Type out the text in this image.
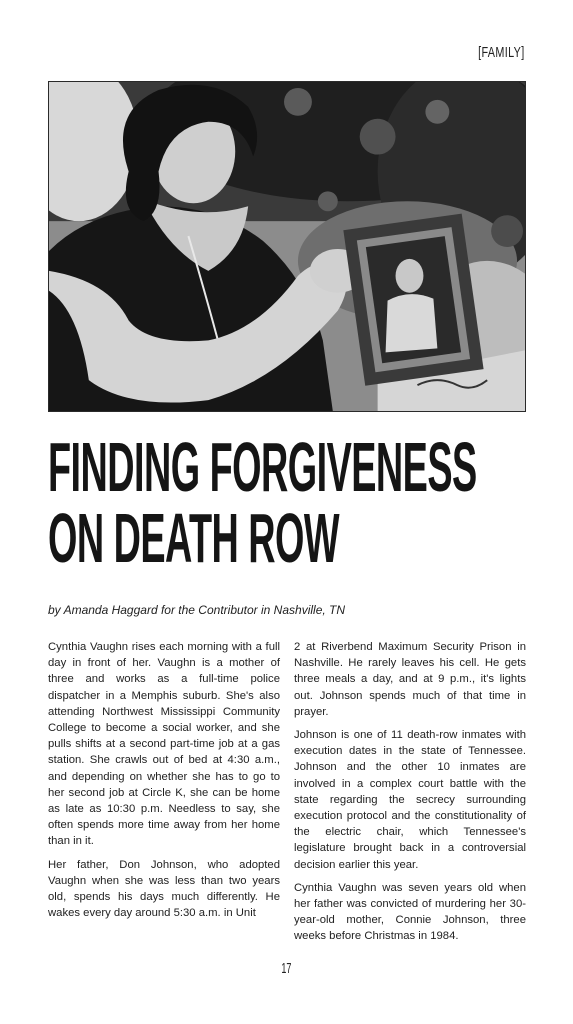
[FAMILY]
FINDING FORGIVENESS
ON DEATH ROW
by Amanda Haggard for the Contributor in Nashville, TN

Cynthia Vaughn rises each morning with a full day in front of her. Vaughn is a mother of three and works as a full-time police dispatcher in a Memphis suburb. She's also attending Northwest Mississippi Community College to become a social worker, and she pulls shifts at a second part-time job at a gas station. She crawls out of bed at 4:30 a.m., and depending on whether she has to go to her second job at Circle K, she can be home as late as 10:30 p.m. Needless to say, she often spends more time away from her home than in it.

Her father, Don Johnson, who adopted Vaughn when she was less than two years old, spends his days much differently. He wakes every day around 5:30 a.m. in Unit

2 at Riverbend Maximum Security Prison in Nashville. He rarely leaves his cell. He gets three meals a day, and at 9 p.m., it's lights out. Johnson spends much of that time in prayer.

Johnson is one of 11 death-row inmates with execution dates in the state of Tennessee. Johnson and the other 10 inmates are involved in a complex court battle with the state regarding the secrecy surrounding execution protocol and the constitutionality of the electric chair, which Tennessee's legislature brought back in a controversial decision earlier this year.

Cynthia Vaughn was seven years old when her father was convicted of murdering her 30-year-old mother, Connie Johnson, three weeks before Christmas in 1984.

17
